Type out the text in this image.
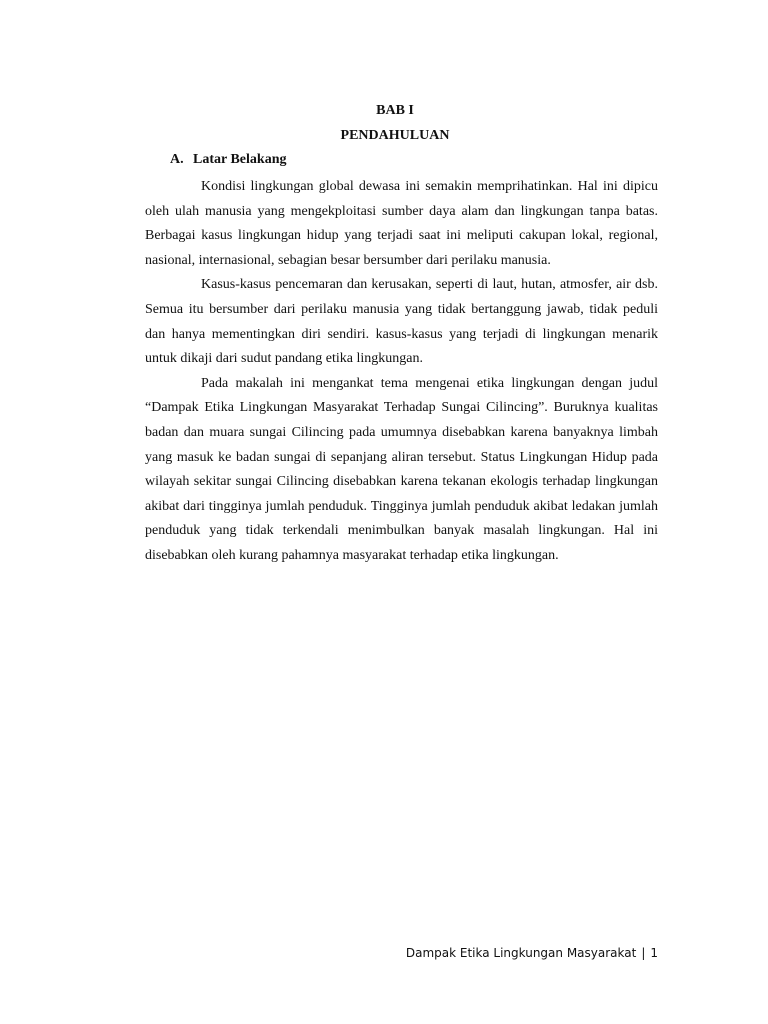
BAB I
PENDAHULUAN
A. Latar Belakang

Kondisi lingkungan global dewasa ini semakin memprihatinkan. Hal ini dipicu oleh ulah manusia yang mengekploitasi sumber daya alam dan lingkungan tanpa batas. Berbagai kasus lingkungan hidup yang terjadi saat ini meliputi cakupan lokal, regional, nasional, internasional, sebagian besar bersumber dari perilaku manusia.

Kasus-kasus pencemaran dan kerusakan, seperti di laut, hutan, atmosfer, air dsb. Semua itu bersumber dari perilaku manusia yang tidak bertanggung jawab, tidak peduli dan hanya mementingkan diri sendiri. kasus-kasus yang terjadi di lingkungan menarik untuk dikaji dari sudut pandang etika lingkungan.

Pada makalah ini mengankat tema mengenai etika lingkungan dengan judul “Dampak Etika Lingkungan Masyarakat Terhadap Sungai Cilincing”. Buruknya kualitas badan dan muara sungai Cilincing pada umumnya disebabkan karena banyaknya limbah yang masuk ke badan sungai di sepanjang aliran tersebut. Status Lingkungan Hidup pada wilayah sekitar sungai Cilincing disebabkan karena tekanan ekologis terhadap lingkungan akibat dari tingginya jumlah penduduk. Tingginya jumlah penduduk akibat ledakan jumlah penduduk yang tidak terkendali menimbulkan banyak masalah lingkungan. Hal ini disebabkan oleh kurang pahamnya masyarakat terhadap etika lingkungan.

Dampak Etika Lingkungan Masyarakat | 1
